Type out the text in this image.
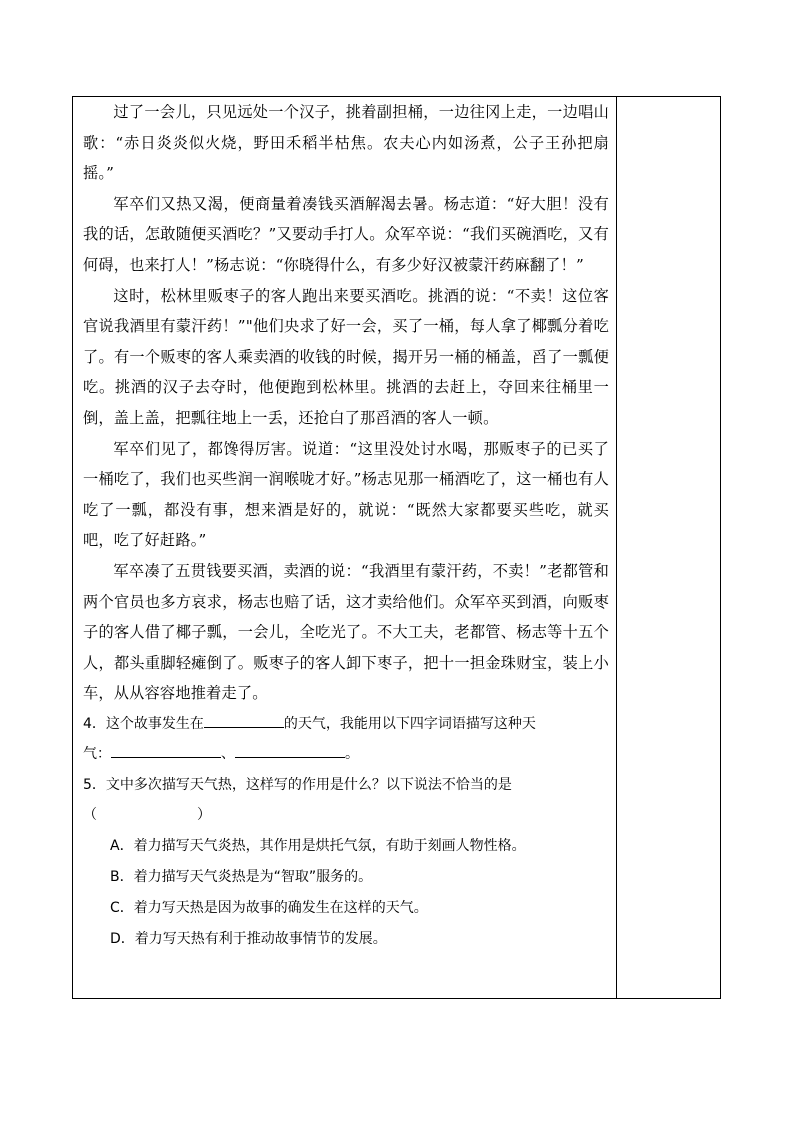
过了一会儿，只见远处一个汉子，挑着副担桶，一边往冈上走，一边唱山歌：“赤日炎炎似火烧，野田禾稻半枯焦。农夫心内如汤煮，公子王孙把扇摇。”

军卒们又热又渴，便商量着凑钱买酒解渴去暑。杨志道：“好大胆！没有我的话，怎敢随便买酒吃？”又要动手打人。众军卒说：“我们买碗酒吃，又有何碍，也来打人！”杨志说：“你晓得什么，有多少好汉被蒙汗药麻翻了！”

这时，松林里贩枣子的客人跑出来要买酒吃。挑酒的说：“不卖！这位客官说我酒里有蒙汗药！”"他们央求了好一会，买了一桶，每人拿了椰瓢分着吃了。有一个贩枣的客人乘卖酒的收钱的时候，揭开另一桶的桶盖，舀了一瓢便吃。挑酒的汉子去夺时，他便跑到松林里。挑酒的去赶上，夺回来往桶里一倒，盖上盖，把瓢往地上一丢，还抢白了那舀酒的客人一顿。

军卒们见了，都馋得厉害。说道：“这里没处讨水喝，那贩枣子的已买了一桶吃了，我们也买些润一润喉咙才好。”杨志见那一桶酒吃了，这一桶也有人吃了一瓢，都没有事，想来酒是好的，就说：“既然大家都要买些吃，就买吧，吃了好赶路。”

军卒凑了五贯钱要买酒，卖酒的说：“我酒里有蒙汗药，不卖！”老都管和两个官员也多方哀求，杨志也赔了话，这才卖给他们。众军卒买到酒，向贩枣子的客人借了椰子瓢，一会儿，全吃光了。不大工夫，老都管、杨志等十五个人，都头重脚轻瘫倒了。贩枣子的客人卸下枣子，把十一担金珠财宝，装上小车，从从容容地推着走了。

4．这个故事发生在	的天气，我能用以下四字词语描写这种天
气：	、	。
5．文中多次描写天气热，这样写的作用是什么？以下说法不恰当的是
（	）
A．着力描写天气炎热，其作用是烘托气氛，有助于刻画人物性格。
B．着力描写天气炎热是为“智取”服务的。
C．着力写天热是因为故事的确发生在这样的天气。
D．着力写天热有利于推动故事情节的发展。
